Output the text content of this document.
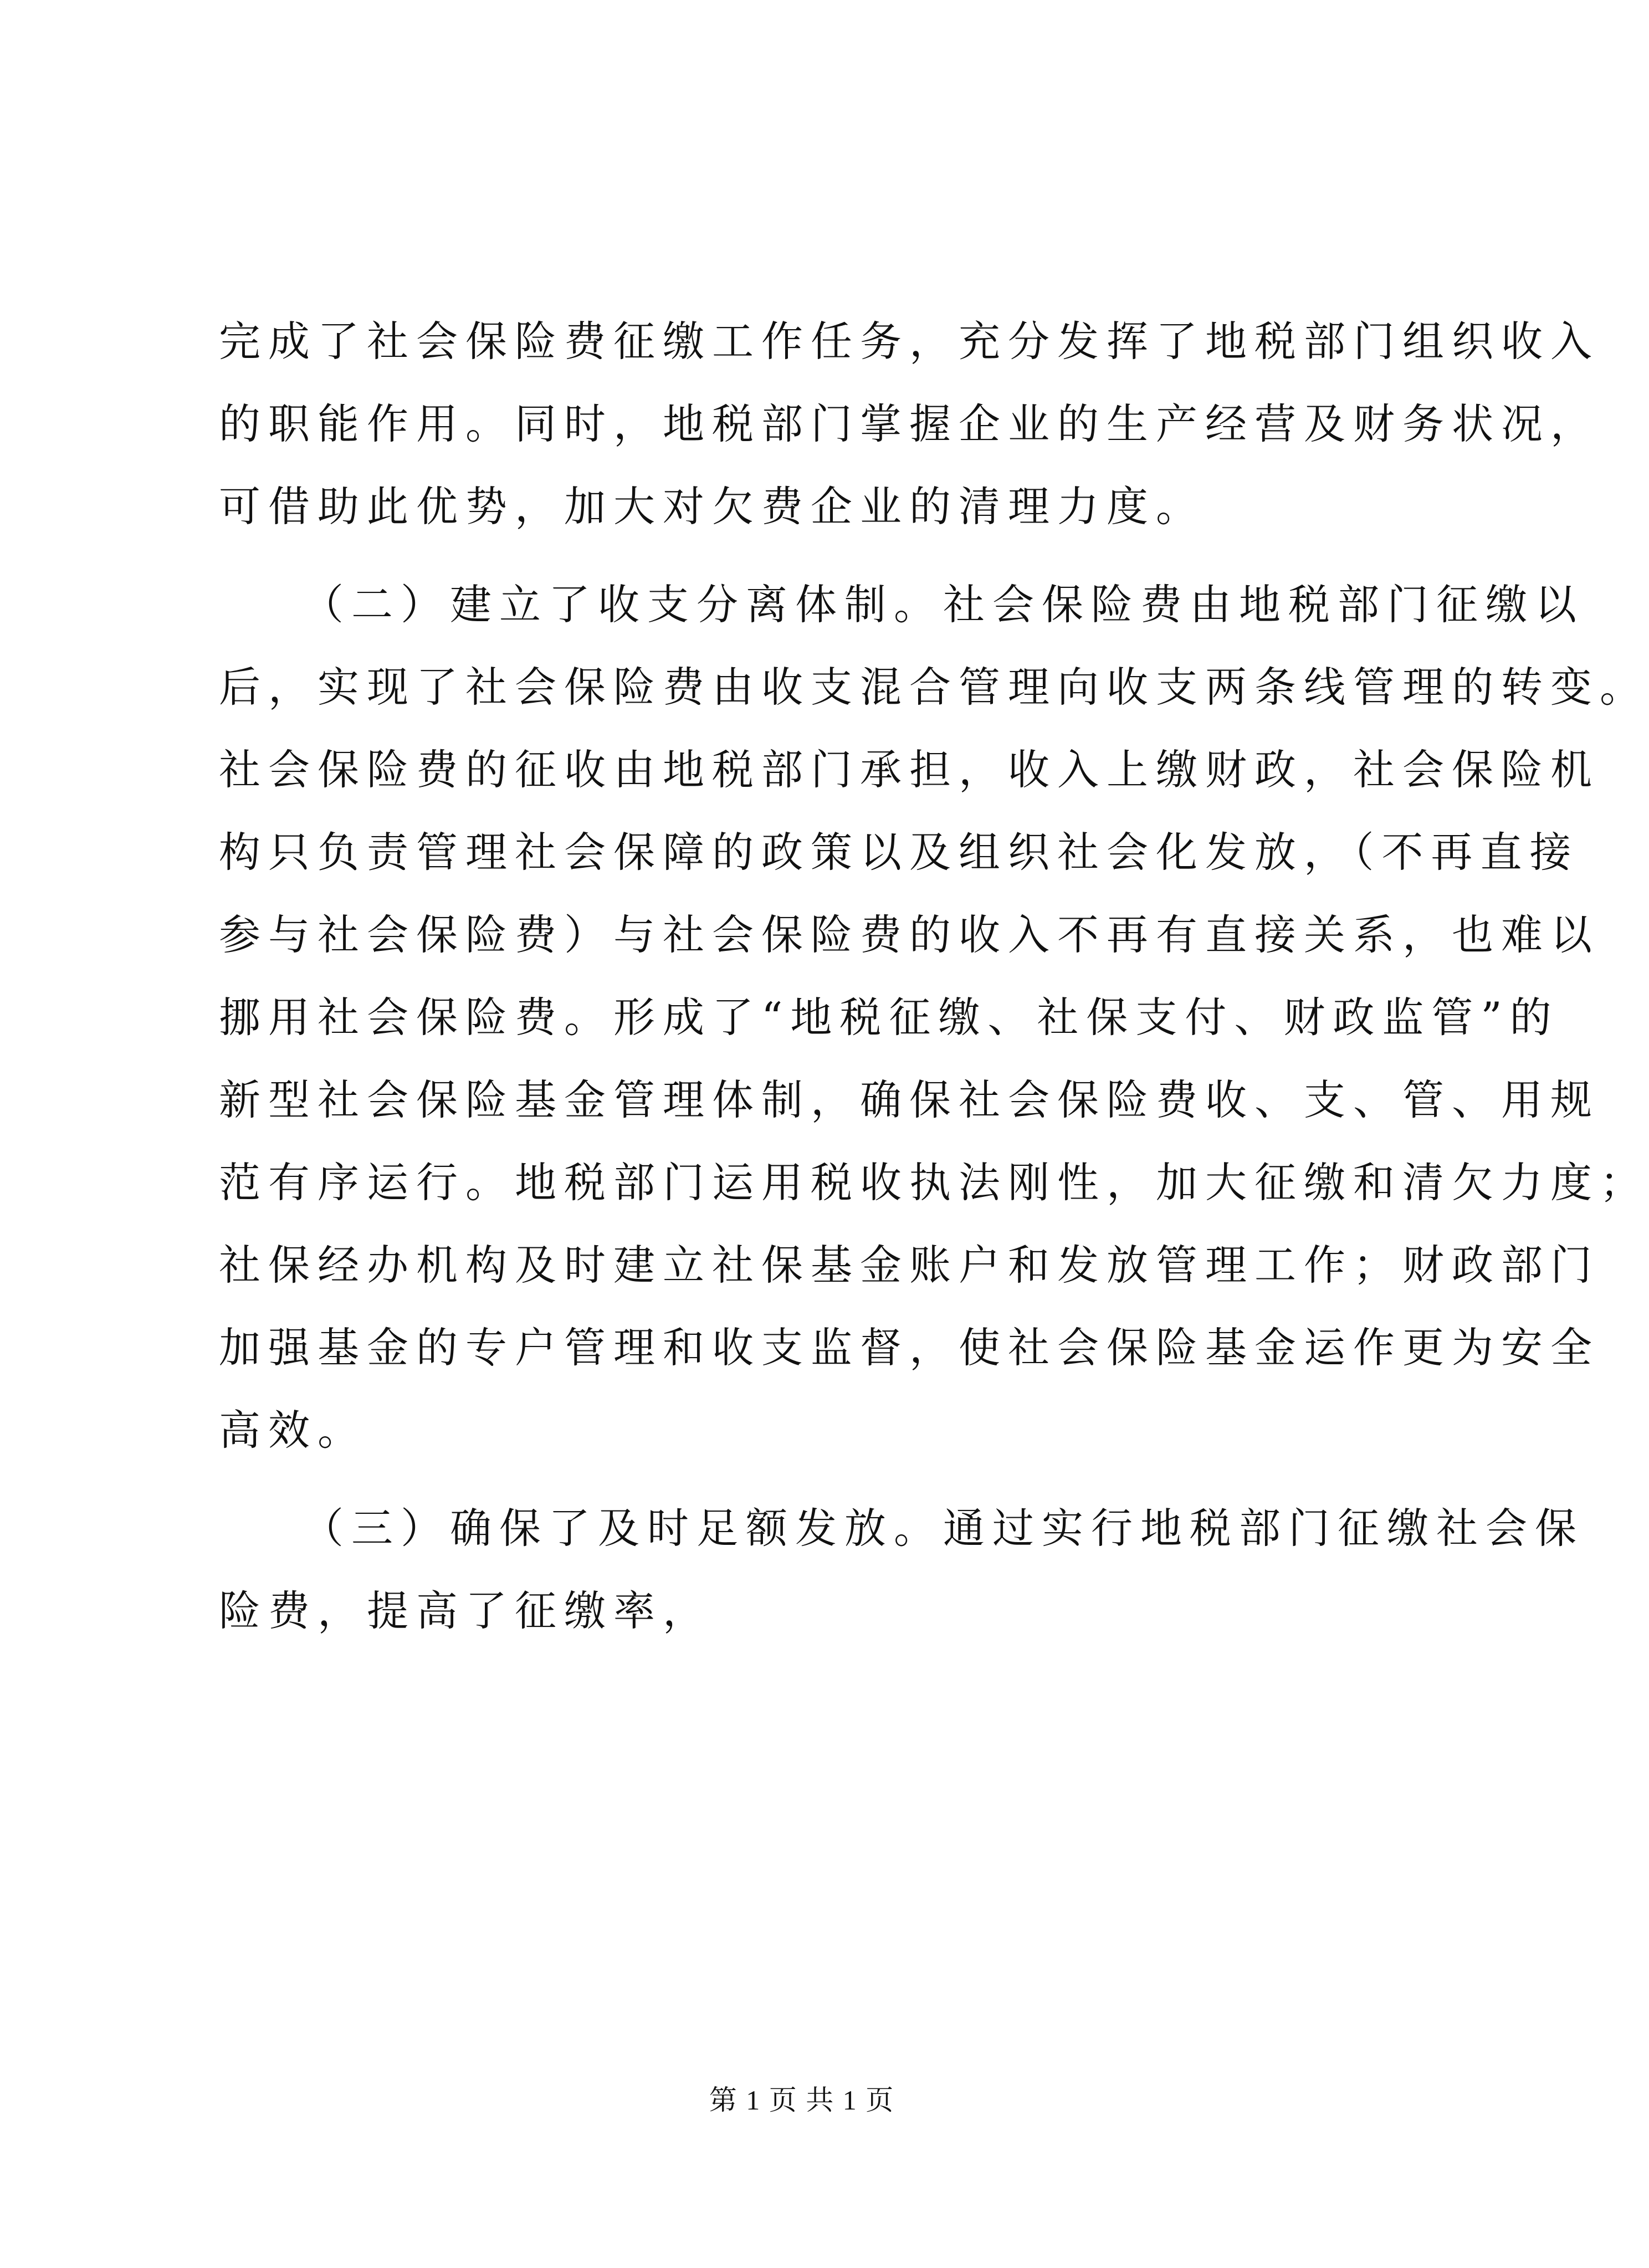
完成了社会保险费征缴工作任务，充分发挥了地税部门组织收入
的职能作用。同时，地税部门掌握企业的生产经营及财务状况，
可借助此优势，加大对欠费企业的清理力度。
（二）建立了收支分离体制。社会保险费由地税部门征缴以
后，实现了社会保险费由收支混合管理向收支两条线管理的转变。
社会保险费的征收由地税部门承担，收入上缴财政，社会保险机
构只负责管理社会保障的政策以及组织社会化发放，（不再直接
参与社会保险费）与社会保险费的收入不再有直接关系，也难以
挪用社会保险费。形成了“地税征缴、社保支付、财政监管”的
新型社会保险基金管理体制，确保社会保险费收、支、管、用规
范有序运行。地税部门运用税收执法刚性，加大征缴和清欠力度；
社保经办机构及时建立社保基金账户和发放管理工作；财政部门
加强基金的专户管理和收支监督，使社会保险基金运作更为安全
高效。
（三）确保了及时足额发放。通过实行地税部门征缴社会保
险费，提高了征缴率，
第 1 页 共 1 页
